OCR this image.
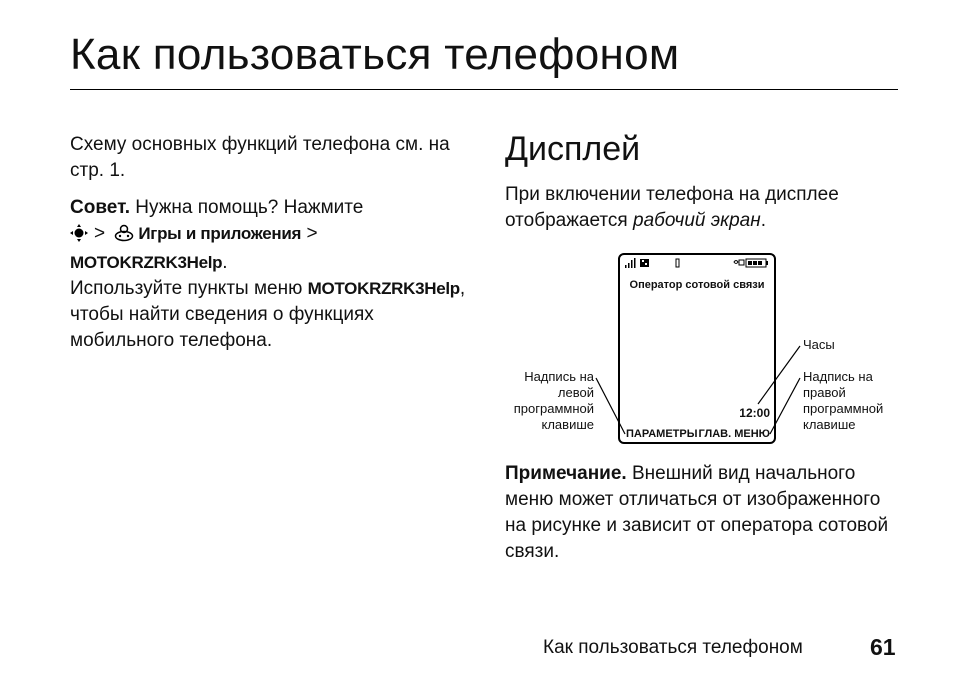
Как пользоваться телефоном

Схему основных функций телефона см. на стр. 1.

Совет. Нужна помощь? Нажмите
> Игры и приложения > MOTOKRZRK3Help.
Используйте пункты меню MOTOKRZRK3Help, чтобы найти сведения о функциях мобильного телефона.

Дисплей

При включении телефона на дисплее отображается рабочий экран.

Оператор сотовой связи
12:00
ПАРАМЕТРЫ ГЛАВ. МЕНЮ

Часы

Надпись на
левой
программной
клавише

Надпись на
правой
программной
клавише

Примечание. Внешний вид начального меню может отличаться от изображенного на рисунке и зависит от оператора сотовой связи.

Как пользоваться телефоном	61
